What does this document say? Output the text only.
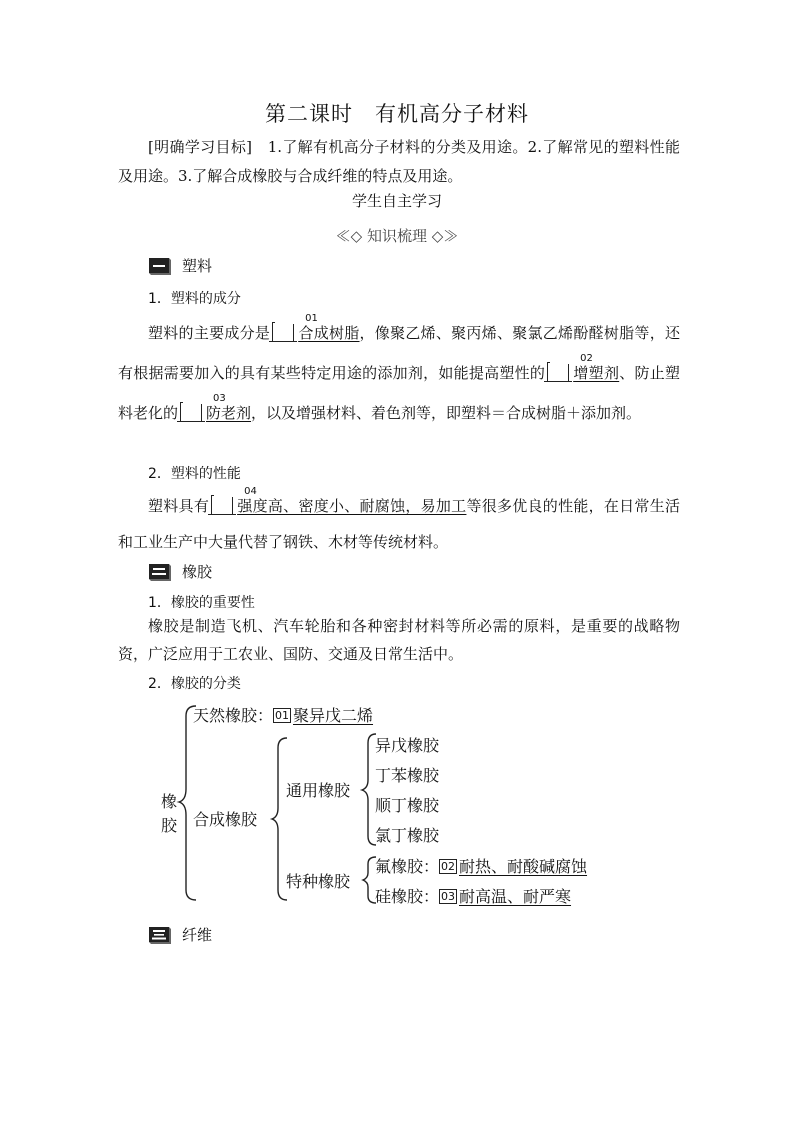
第二课时 有机高分子材料
[明确学习目标]　 1.了解有机高分子材料的分类及用途。2.了解常见的塑料性能及用途。3.了解合成橡胶与合成纤维的特点及用途。
学生自主学习
≪◇ 知识梳理 ◇≫
塑料
1．塑料的成分
塑料的主要成分是
01
合成树脂，像聚乙烯、聚丙烯、聚氯乙烯酚醛树脂等，还有根据需要加入的具有某些特定用途的添加剂，如能提高塑性的
02
增塑剂、防止塑料老化的
03
防老剂，以及增强材料、着色剂等，即塑料＝合成树脂＋添加剂。
2．塑料的性能
塑料具有
04
强度高、密度小、耐腐蚀，易加工等很多优良的性能，在日常生活和工业生产中大量代替了钢铁、木材等传统材料。
橡胶
1．橡胶的重要性
橡胶是制造飞机、汽车轮胎和各种密封材料等所必需的原料，是重要的战略物资，广泛应用于工农业、国防、交通及日常生活中。
2．橡胶的分类
橡胶
天然橡胶： 01 聚异戊二烯
合成橡胶
通用橡胶
异戊橡胶
丁苯橡胶
顺丁橡胶
氯丁橡胶
特种橡胶
氟橡胶： 02 耐热、耐酸碱腐蚀
硅橡胶： 03 耐高温、耐严寒
纤维
